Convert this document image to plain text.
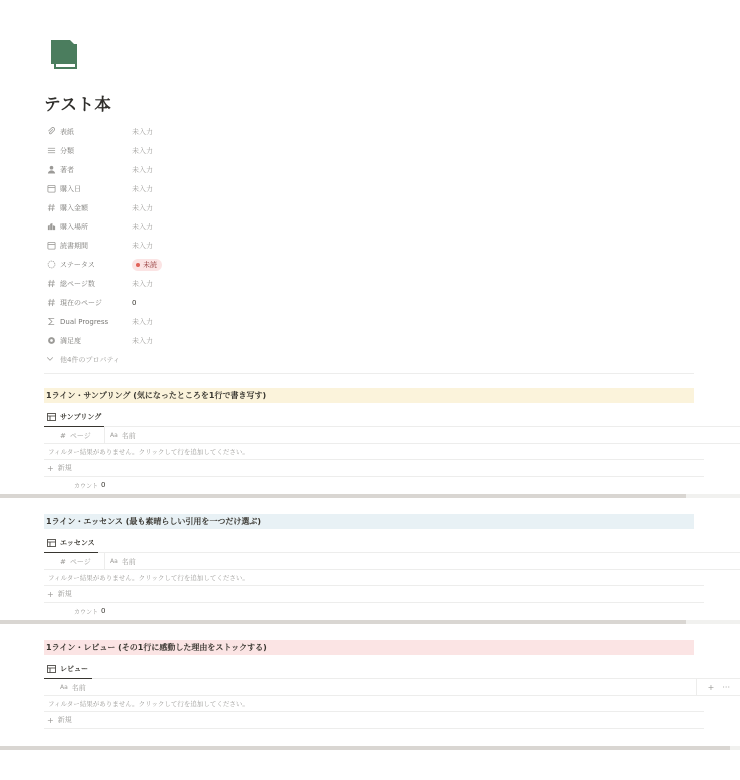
テスト本
表紙	未入力
分類	未入力
著者	未入力
購入日	未入力
購入金額	未入力
購入場所	未入力
読書期間	未入力
ステータス	未読
総ページ数	未入力
現在のページ	0
Dual Progress	未入力
満足度	未入力
他4件のプロパティ
1ライン・サンプリング (気になったところを1行で書き写す)
サンプリング
# ページ	Aa 名前
フィルター結果がありません。クリックして行を追加してください。
+ 新規
カウント 0
1ライン・エッセンス (最も素晴らしい引用を一つだけ選ぶ)
エッセンス
# ページ	Aa 名前
フィルター結果がありません。クリックして行を追加してください。
+ 新規
カウント 0
1ライン・レビュー (その1行に感動した理由をストックする)
レビュー
Aa 名前	+ ···
フィルター結果がありません。クリックして行を追加してください。
+ 新規
